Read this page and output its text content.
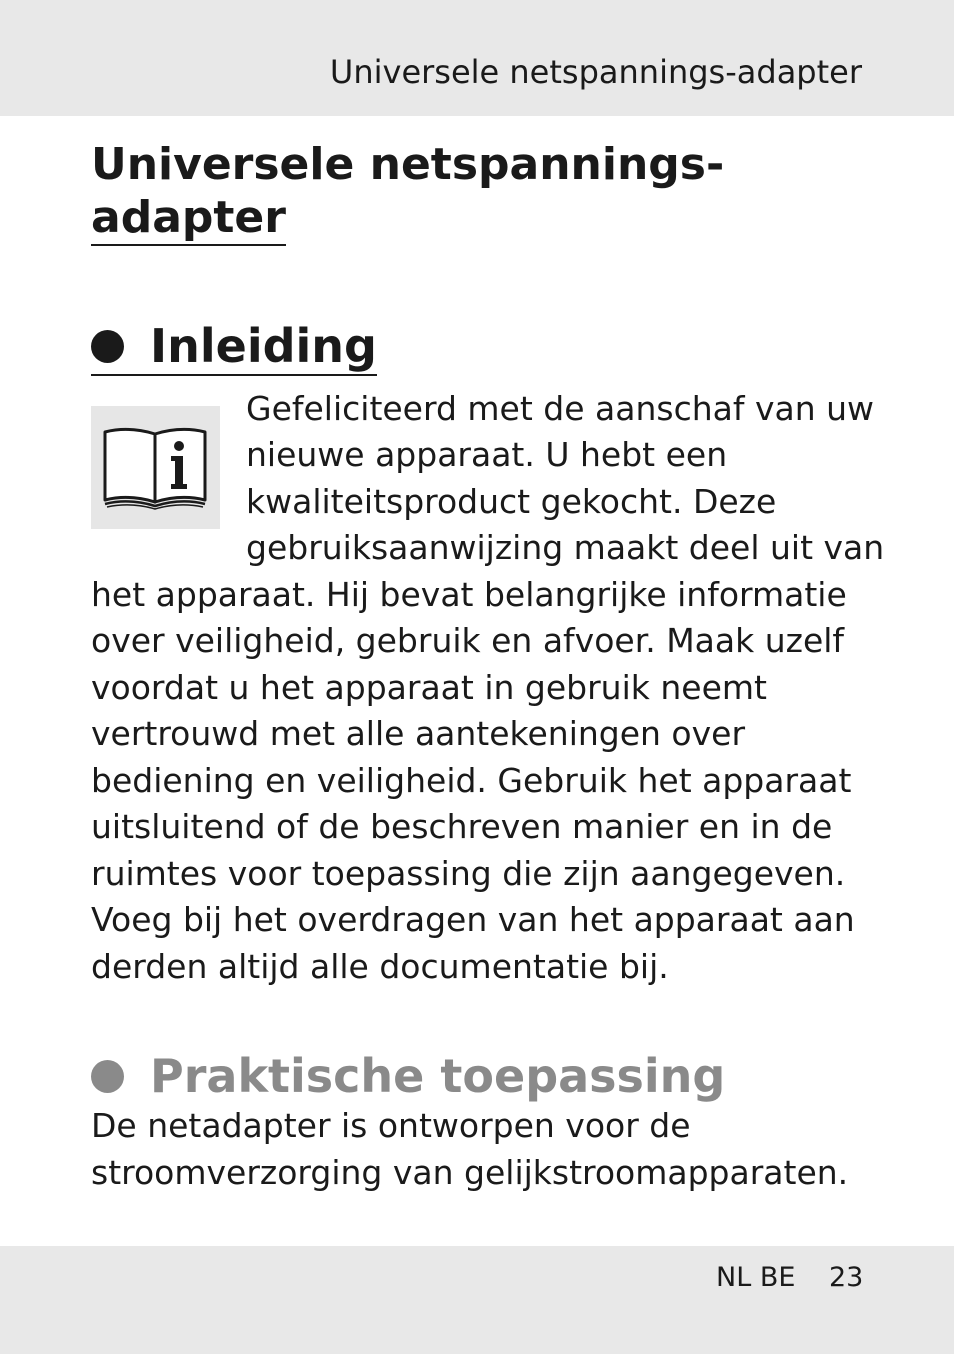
Universele netspannings-adapter
Universele netspannings-
adapter
Inleiding
Gefeliciteerd met de aanschaf van uw
nieuwe apparaat. U hebt een
kwaliteitsproduct gekocht. Deze
gebruiksaanwijzing maakt deel uit van
het apparaat. Hij bevat belangrijke informatie
over veiligheid, gebruik en afvoer. Maak uzelf
voordat u het apparaat in gebruik neemt
vertrouwd met alle aantekeningen over
bediening en veiligheid. Gebruik het apparaat
uitsluitend of de beschreven manier en in de
ruimtes voor toepassing die zijn aangegeven.
Voeg bij het overdragen van het apparaat aan
derden altijd alle documentatie bij.
Praktische toepassing
De netadapter is ontworpen voor de
stroomverzorging van gelijkstroomapparaten.
NL BE 23
